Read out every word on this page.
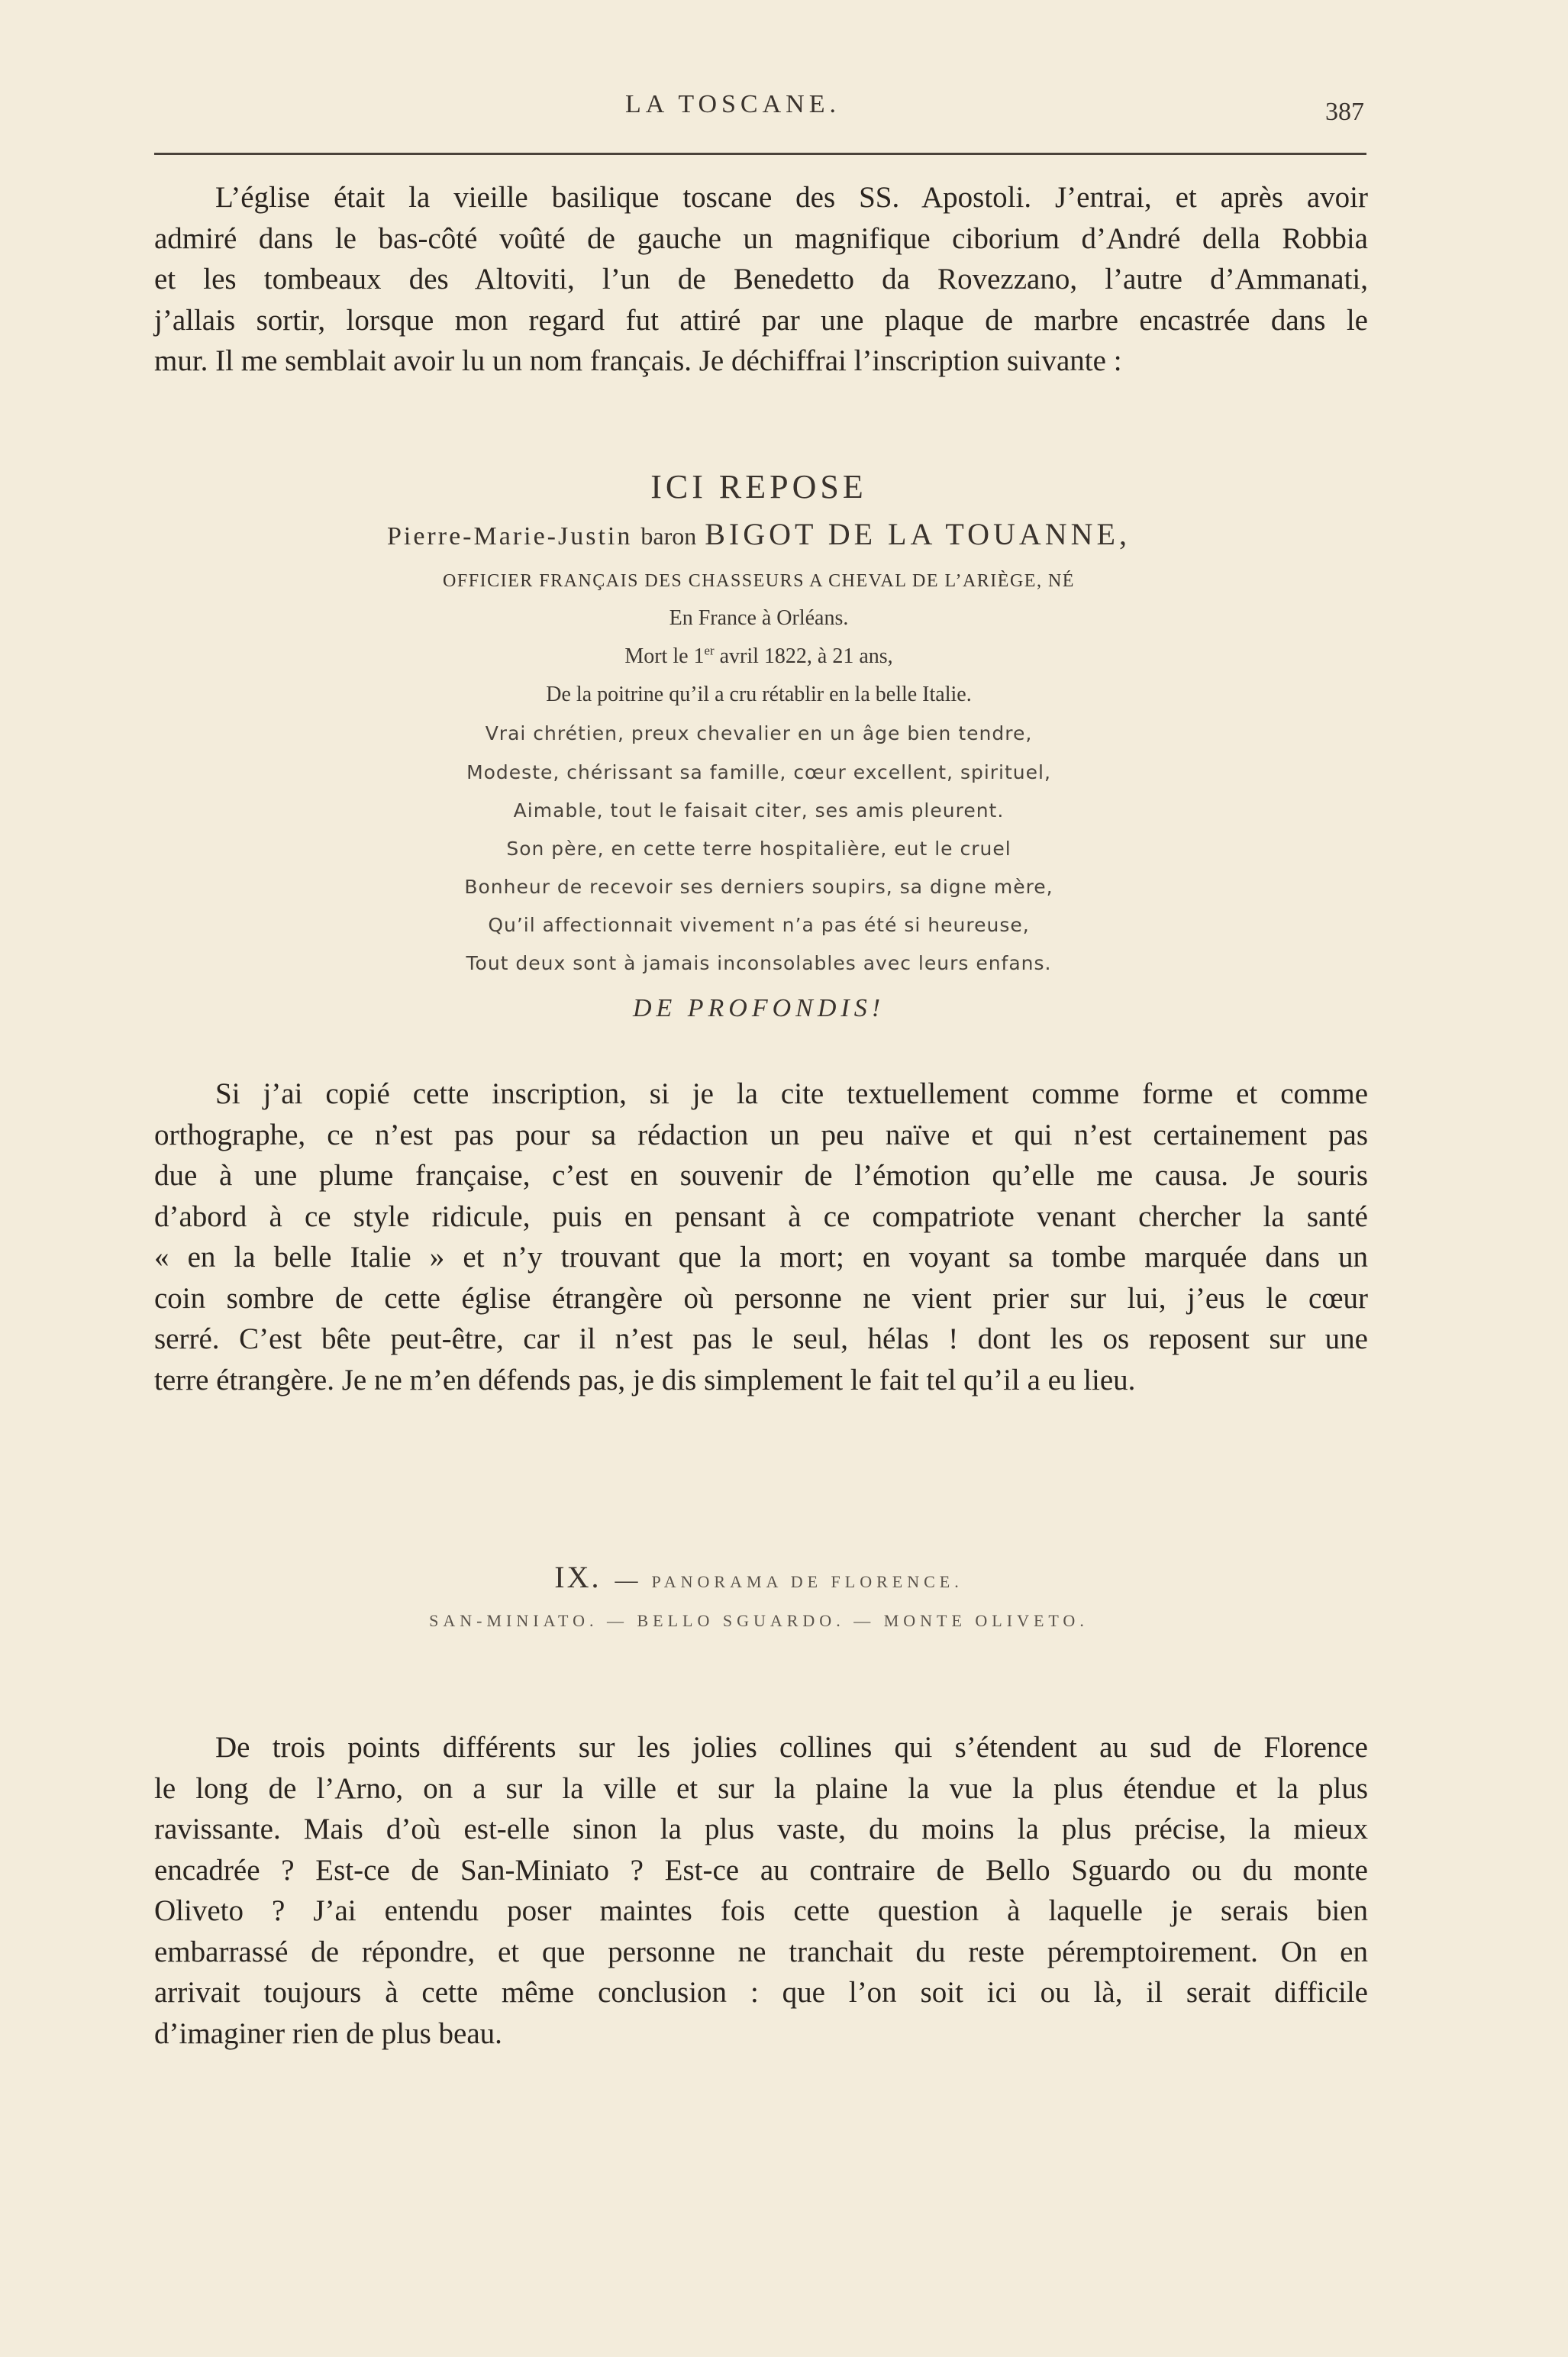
LA TOSCANE.	387

L’église était la vieille basilique toscane des SS. Apostoli. J’entrai, et après avoir
admiré dans le bas-côté voûté de gauche un magnifique ciborium d’André della Robbia
et les tombeaux des Altoviti, l’un de Benedetto da Rovezzano, l’autre d’Ammanati,
j’allais sortir, lorsque mon regard fut attiré par une plaque de marbre encastrée dans le
mur. Il me semblait avoir lu un nom français. Je déchiffrai l’inscription suivante :

ICI REPOSE
Pierre-Marie-Justin baron BIGOT DE LA TOUANNE,
OFFICIER FRANÇAIS DES CHASSEURS A CHEVAL DE L’ARIÈGE, NÉ
En France à Orléans.
Mort le 1er avril 1822, à 21 ans,
De la poitrine qu’il a cru rétablir en la belle Italie.
Vrai chrétien, preux chevalier en un âge bien tendre,
Modeste, chérissant sa famille, cœur excellent, spirituel,
Aimable, tout le faisait citer, ses amis pleurent.
Son père, en cette terre hospitalière, eut le cruel
Bonheur de recevoir ses derniers soupirs, sa digne mère,
Qu’il affectionnait vivement n’a pas été si heureuse,
Tout deux sont à jamais inconsolables avec leurs enfans.
DE PROFONDIS!

Si j’ai copié cette inscription, si je la cite textuellement comme forme et comme
orthographe, ce n’est pas pour sa rédaction un peu naïve et qui n’est certainement pas
due à une plume française, c’est en souvenir de l’émotion qu’elle me causa. Je souris
d’abord à ce style ridicule, puis en pensant à ce compatriote venant chercher la santé
« en la belle Italie » et n’y trouvant que la mort; en voyant sa tombe marquée dans un
coin sombre de cette église étrangère où personne ne vient prier sur lui, j’eus le cœur
serré. C’est bête peut-être, car il n’est pas le seul, hélas ! dont les os reposent sur une
terre étrangère. Je ne m’en défends pas, je dis simplement le fait tel qu’il a eu lieu.

IX. — PANORAMA DE FLORENCE.
SAN-MINIATO. — BELLO SGUARDO. — MONTE OLIVETO.

De trois points différents sur les jolies collines qui s’étendent au sud de Florence
le long de l’Arno, on a sur la ville et sur la plaine la vue la plus étendue et la plus
ravissante. Mais d’où est-elle sinon la plus vaste, du moins la plus précise, la mieux
encadrée ? Est-ce de San-Miniato ? Est-ce au contraire de Bello Sguardo ou du monte
Oliveto ? J’ai entendu poser maintes fois cette question à laquelle je serais bien
embarrassé de répondre, et que personne ne tranchait du reste péremptoirement. On en
arrivait toujours à cette même conclusion : que l’on soit ici ou là, il serait difficile
d’imaginer rien de plus beau.
